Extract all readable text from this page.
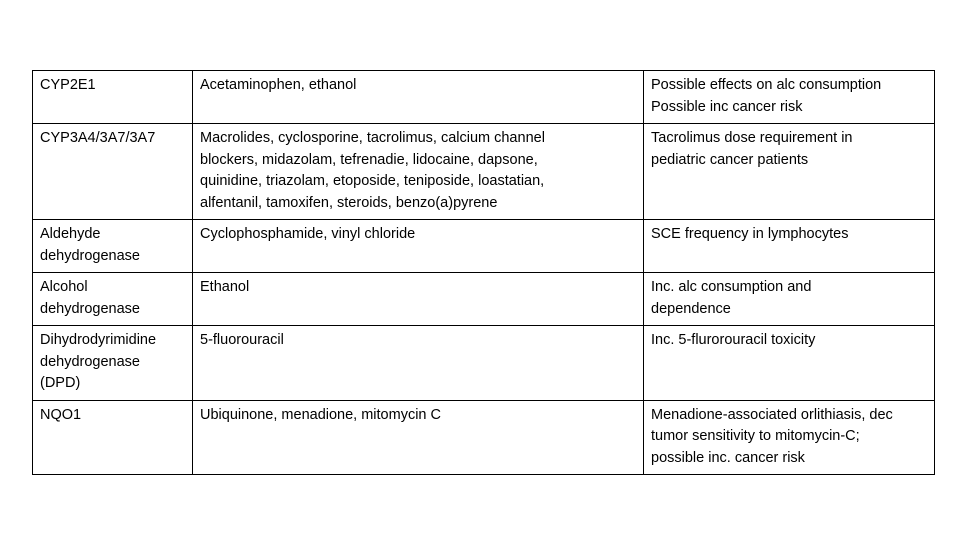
CYP2E1	Acetaminophen, ethanol	Possible effects on alc consumption
Possible inc cancer risk
CYP3A4/3A7/3A7	Macrolides, cyclosporine, tacrolimus, calcium channel
blockers, midazolam, tefrenadie, lidocaine, dapsone,
quinidine, triazolam, etoposide, teniposide, loastatian,
alfentanil, tamoxifen, steroids, benzo(a)pyrene	Tacrolimus dose requirement in
pediatric cancer patients
Aldehyde
dehydrogenase	Cyclophosphamide, vinyl chloride	SCE frequency in lymphocytes
Alcohol
dehydrogenase	Ethanol	Inc. alc consumption and
dependence
Dihydrodyrimidine
dehydrogenase
(DPD)	5-fluorouracil	Inc. 5-flurorouracil toxicity
NQO1	Ubiquinone, menadione, mitomycin C	Menadione-associated orlithiasis, dec
tumor sensitivity to mitomycin-C;
possible inc. cancer risk
